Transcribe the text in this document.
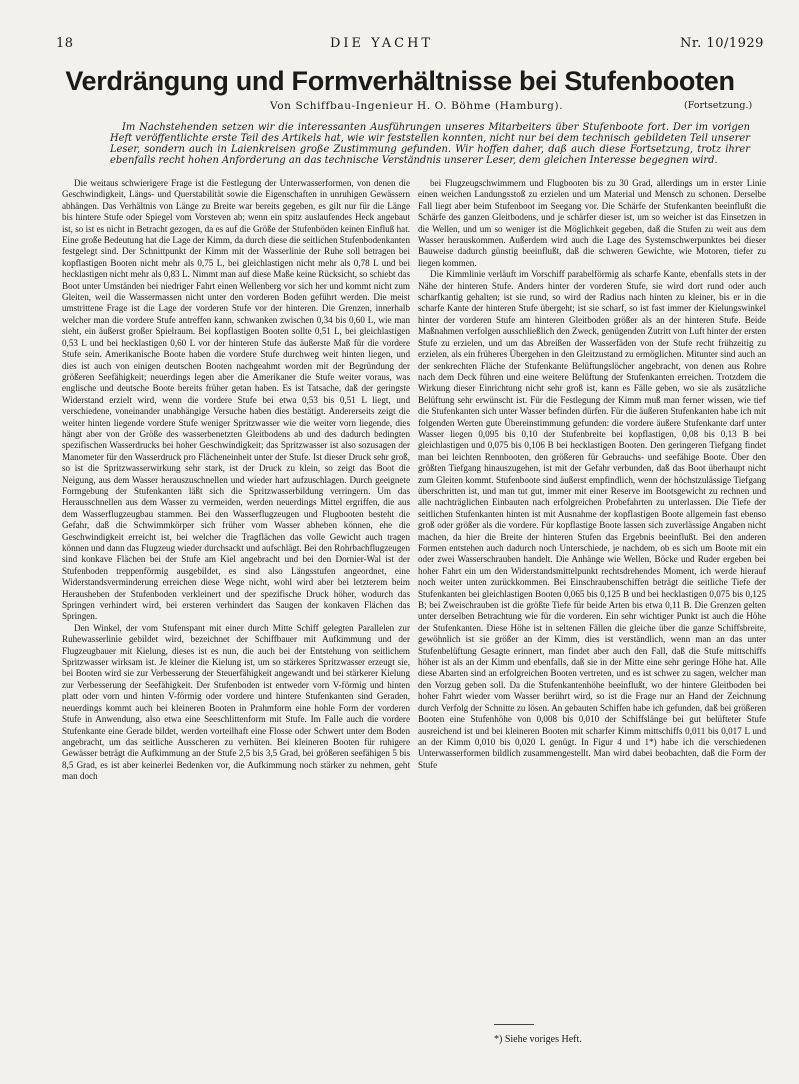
18	DIE YACHT	Nr. 10/1929
Verdrängung und Formverhältnisse bei Stufenbooten
Von Schiffbau-Ingenieur H. O. Böhme (Hamburg).	(Fortsetzung.)

Im Nachstehenden setzen wir die interessanten Ausführungen unseres Mitarbeiters über Stufenboote fort. Der im vorigen Heft veröffentlichte erste Teil des Artikels hat, wie wir feststellen konnten, nicht nur bei dem technisch gebildeten Teil unserer Leser, sondern auch in Laienkreisen große Zustimmung gefunden. Wir hoffen daher, daß auch diese Fortsetzung, trotz ihrer ebenfalls recht hohen Anforderung an das technische Verständnis unserer Leser, dem gleichen Interesse begegnen wird.

Die weitaus schwierigere Frage ist die Festlegung der Unterwasserformen, von denen die Geschwindigkeit, Längs- und Querstabilität sowie die Eigenschaften in unruhigen Gewässern abhängen. Das Verhältnis von Länge zu Breite war bereits gegeben, es gilt nur für die Länge bis hintere Stufe oder Spiegel vom Vorsteven ab; wenn ein spitz auslaufendes Heck angebaut ist, so ist es nicht in Betracht gezogen, da es auf die Größe der Stufenböden keinen Einfluß hat. Eine große Bedeutung hat die Lage der Kimm, da durch diese die seitlichen Stufenbodenkanten festgelegt sind. Der Schnittpunkt der Kimm mit der Wasserlinie der Ruhe soll betragen bei kopflastigen Booten nicht mehr als 0,75 L, bei gleichlastigen nicht mehr als 0,78 L und bei hecklastigen nicht mehr als 0,83 L. Nimmt man auf diese Maße keine Rücksicht, so schiebt das Boot unter Umständen bei niedriger Fahrt einen Wellenberg vor sich her und kommt nicht zum Gleiten, weil die Wassermassen nicht unter den vorderen Boden geführt werden. Die meist umstrittene Frage ist die Lage der vorderen Stufe vor der hinteren. Die Grenzen, innerhalb welcher man die vordere Stufe antreffen kann, schwanken zwischen 0,34 bis 0,60 L, wie man sieht, ein äußerst großer Spielraum. Bei kopflastigen Booten sollte 0,51 L, bei gleichlastigen 0,53 L und bei hecklastigen 0,60 L vor der hinteren Stufe das äußerste Maß für die vordere Stufe sein. Amerikanische Boote haben die vordere Stufe durchweg weit hinten liegen, und dies ist auch von einigen deutschen Booten nachgeahmt worden mit der Begründung der größeren Seefähigkeit; neuerdings legen aber die Amerikaner die Stufe weiter voraus, was englische und deutsche Boote bereits früher getan haben. Es ist Tatsache, daß der geringste Widerstand erzielt wird, wenn die vordere Stufe bei etwa 0,53 bis 0,51 L liegt, und verschiedene, voneinander unabhängige Versuche haben dies bestätigt. Andererseits zeigt die weiter hinten liegende vordere Stufe weniger Spritzwasser wie die weiter vorn liegende, dies hängt aber von der Größe des wasserbenetzten Gleitbodens ab und des dadurch bedingten spezifischen Wasserdrucks bei hoher Geschwindigkeit; das Spritzwasser ist also sozusagen der Manometer für den Wasserdruck pro Flächeneinheit unter der Stufe. Ist dieser Druck sehr groß, so ist die Spritzwasserwirkung sehr stark, ist der Druck zu klein, so zeigt das Boot die Neigung, aus dem Wasser herauszuschnellen und wieder hart aufzuschlagen. Durch geeignete Formgebung der Stufenkanten läßt sich die Spritzwasserbildung verringern. Um das Herausschnellen aus dem Wasser zu vermeiden, werden neuerdings Mittel ergriffen, die aus dem Wasserflugzeugbau stammen. Bei den Wasserflugzeugen und Flugbooten besteht die Gefahr, daß die Schwimmkörper sich früher vom Wasser abheben können, ehe die Geschwindigkeit erreicht ist, bei welcher die Tragflächen das volle Gewicht auch tragen können und dann das Flugzeug wieder durchsackt und aufschlägt. Bei den Rohrbachflugzeugen sind konkave Flächen bei der Stufe am Kiel angebracht und bei den Dornier-Wal ist der Stufenboden treppenförmig ausgebildet, es sind also Längsstufen angeordnet, eine Widerstandsverminderung erreichen diese Wege nicht, wohl wird aber bei letzterem beim Herausheben der Stufenboden verkleinert und der spezifische Druck höher, wodurch das Springen verhindert wird, bei ersteren verhindert das Saugen der konkaven Flächen das Springen.

Den Winkel, der vom Stufenspant mit einer durch Mitte Schiff gelegten Parallelen zur Ruhewasserlinie gebildet wird, bezeichnet der Schiffbauer mit Aufkimmung und der Flugzeugbauer mit Kielung, dieses ist es nun, die auch bei der Entstehung von seitlichem Spritzwasser wirksam ist. Je kleiner die Kielung ist, um so stärkeres Spritzwasser erzeugt sie, bei Booten wird sie zur Verbesserung der Steuerfähigkeit angewandt und bei stärkerer Kielung zur Verbesserung der Seefähigkeit. Der Stufenboden ist entweder vorn V-förmig und hinten platt oder vorn und hinten V-förmig oder vordere und hintere Stufenkanten sind Geraden, neuerdings kommt auch bei kleineren Booten in Prahmform eine hohle Form der vorderen Stufe in Anwendung, also etwa eine Seeschlittenform mit Stufe. Im Falle auch die vordere Stufenkante eine Gerade bildet, werden vorteilhaft eine Flosse oder Schwert unter dem Boden angebracht, um das seitliche Ausscheren zu verhüten. Bei kleineren Booten für ruhigere Gewässer beträgt die Aufkimmung an der Stufe 2,5 bis 3,5 Grad, bei größeren seefähigen 5 bis 8,5 Grad, es ist aber keinerlei Bedenken vor, die Aufkimmung noch stärker zu nehmen, geht man doch

bei Flugzeugschwimmern und Flugbooten bis zu 30 Grad, allerdings um in erster Linie einen weichen Landungsstoß zu erzielen und um Material und Mensch zu schonen. Derselbe Fall liegt aber beim Stufenboot im Seegang vor. Die Schärfe der Stufenkanten beeinflußt die Schärfe des ganzen Gleitbodens, und je schärfer dieser ist, um so weicher ist das Einsetzen in die Wellen, und um so weniger ist die Möglichkeit gegeben, daß die Stufen zu weit aus dem Wasser herauskommen. Außerdem wird auch die Lage des Systemschwerpunktes bei dieser Bauweise dadurch günstig beeinflußt, daß die schweren Gewichte, wie Motoren, tiefer zu liegen kommen.

Die Kimmlinie verläuft im Vorschiff parabelförmig als scharfe Kante, ebenfalls stets in der Nähe der hinteren Stufe. Anders hinter der vorderen Stufe, sie wird dort rund oder auch scharfkantig gehalten; ist sie rund, so wird der Radius nach hinten zu kleiner, bis er in die scharfe Kante der hinteren Stufe übergeht; ist sie scharf, so ist fast immer der Kielungswinkel hinter der vorderen Stufe am hinteren Gleitboden größer als an der hinteren Stufe. Beide Maßnahmen verfolgen ausschließlich den Zweck, genügenden Zutritt von Luft hinter der ersten Stufe zu erzielen, und um das Abreißen der Wasserfäden von der Stufe recht frühzeitig zu erzielen, als ein früheres Übergehen in den Gleitzustand zu ermöglichen. Mitunter sind auch an der senkrechten Fläche der Stufenkante Belüftungslöcher angebracht, von denen aus Rohre nach dem Deck führen und eine weitere Belüftung der Stufenkanten erreichen. Trotzdem die Wirkung dieser Einrichtung nicht sehr groß ist, kann es Fälle geben, wo sie als zusätzliche Belüftung sehr erwünscht ist. Für die Festlegung der Kimm muß man ferner wissen, wie tief die Stufenkanten sich unter Wasser befinden dürfen. Für die äußeren Stufenkanten habe ich mit folgenden Werten gute Übereinstimmung gefunden: die vordere äußere Stufenkante darf unter Wasser liegen 0,095 bis 0,10 der Stufenbreite bei kopflastigen, 0,08 bis 0,13 B bei gleichlastigen und 0,075 bis 0,106 B bei hecklastigen Booten. Den geringeren Tiefgang findet man bei leichten Rennbooten, den größeren für Gebrauchs- und seefähige Boote. Über den größten Tiefgang hinauszugehen, ist mit der Gefahr verbunden, daß das Boot überhaupt nicht zum Gleiten kommt. Stufenboote sind äußerst empfindlich, wenn der höchstzulässige Tiefgang überschritten ist, und man tut gut, immer mit einer Reserve im Bootsgewicht zu rechnen und alle nachträglichen Einbauten nach erfolgreichen Probefahrten zu unterlassen. Die Tiefe der seitlichen Stufenkanten hinten ist mit Ausnahme der kopflastigen Boote allgemein fast ebenso groß oder größer als die vordere. Für kopflastige Boote lassen sich zuverlässige Angaben nicht machen, da hier die Breite der hinteren Stufen das Ergebnis beeinflußt. Bei den anderen Formen entstehen auch dadurch noch Unterschiede, je nachdem, ob es sich um Boote mit ein oder zwei Wasserschrauben handelt. Die Anhänge wie Wellen, Böcke und Ruder ergeben bei hoher Fahrt ein um den Widerstandsmittelpunkt rechtsdrehendes Moment, ich werde hierauf noch weiter unten zurückkommen. Bei Einschraubenschiffen beträgt die seitliche Tiefe der Stufenkanten bei gleichlastigen Booten 0,065 bis 0,125 B und bei hecklastigen 0,075 bis 0,125 B; bei Zweischrauben ist die größte Tiefe für beide Arten bis etwa 0,11 B. Die Grenzen gelten unter derselben Betrachtung wie für die vorderen. Ein sehr wichtiger Punkt ist auch die Höhe der Stufenkanten. Diese Höhe ist in seltenen Fällen die gleiche über die ganze Schiffsbreite, gewöhnlich ist sie größer an der Kimm, dies ist verständlich, wenn man an das unter Stufenbelüftung Gesagte erinnert, man findet aber auch den Fall, daß die Stufe mittschiffs höher ist als an der Kimm und ebenfalls, daß sie in der Mitte eine sehr geringe Höhe hat. Alle diese Abarten sind an erfolgreichen Booten vertreten, und es ist schwer zu sagen, welcher man den Vorzug geben soll. Da die Stufenkantenhöhe beeinflußt, wo der hintere Gleitboden bei hoher Fahrt wieder vom Wasser berührt wird, so ist die Frage nur an Hand der Zeichnung durch Verfolg der Schnitte zu lösen. An gebauten Schiffen habe ich gefunden, daß bei größeren Booten eine Stufenhöhe von 0,008 bis 0,010 der Schiffslänge bei gut belüfteter Stufe ausreichend ist und bei kleineren Booten mit scharfer Kimm mittschiffs 0,011 bis 0,017 L und an der Kimm 0,010 bis 0,020 L genügt. In Figur 4 und 1*) habe ich die verschiedenen Unterwasserformen bildlich zusammengestellt. Man wird dabei beobachten, daß die Form der Stufe

*) Siehe voriges Heft.
